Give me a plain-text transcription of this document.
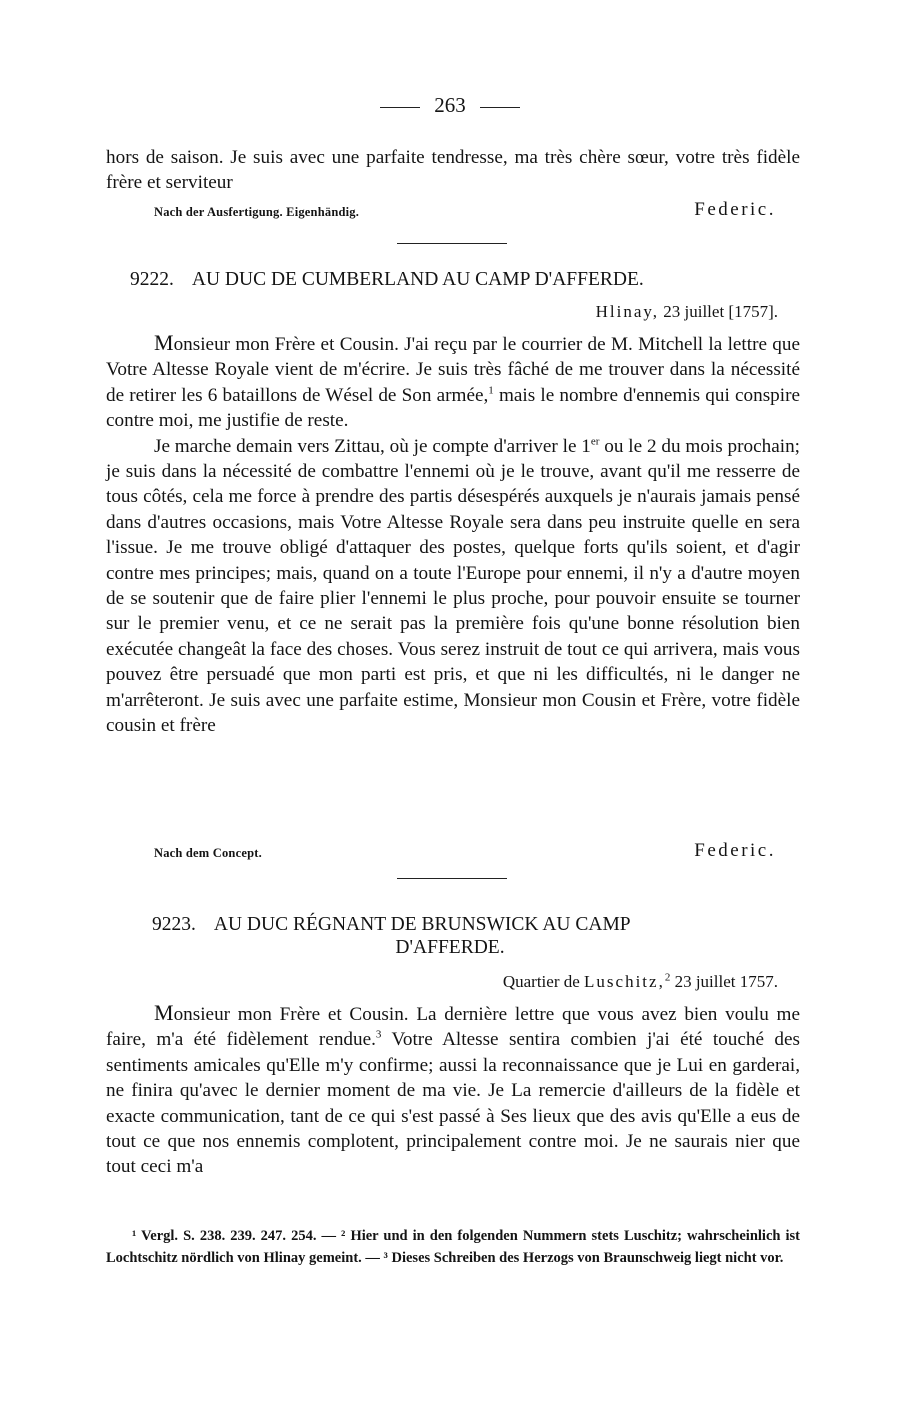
263

hors de saison. Je suis avec une parfaite tendresse, ma très chère sœur, votre très fidèle frère et serviteur

Nach der Ausfertigung. Eigenhändig.	Federic.
9222. AU DUC DE CUMBERLAND AU CAMP D'AFFERDE.
Hlinay, 23 juillet [1757].

Monsieur mon Frère et Cousin. J'ai reçu par le courrier de M. Mitchell la lettre que Votre Altesse Royale vient de m'écrire. Je suis très fâché de me trouver dans la nécessité de retirer les 6 bataillons de Wésel de Son armée,$^1$ mais le nombre d'ennemis qui conspire contre moi, me justifie de reste.

Je marche demain vers Zittau, où je compte d'arriver le 1er ou le 2 du mois prochain; je suis dans la nécessité de combattre l'ennemi où je le trouve, avant qu'il me resserre de tous côtés, cela me force à prendre des partis désespérés auxquels je n'aurais jamais pensé dans d'autres occasions, mais Votre Altesse Royale sera dans peu instruite quelle en sera l'issue. Je me trouve obligé d'attaquer des postes, quelque forts qu'ils soient, et d'agir contre mes principes; mais, quand on a toute l'Europe pour ennemi, il n'y a d'autre moyen de se soutenir que de faire plier l'ennemi le plus proche, pour pouvoir ensuite se tourner sur le premier venu, et ce ne serait pas la première fois qu'une bonne résolution bien exécutée changeât la face des choses. Vous serez instruit de tout ce qui arrivera, mais vous pouvez être persuadé que mon parti est pris, et que ni les difficultés, ni le danger ne m'arrêteront. Je suis avec une parfaite estime, Monsieur mon Cousin et Frère, votre fidèle cousin et frère

Nach dem Concept.	Federic.
9223. AU DUC RÉGNANT DE BRUNSWICK AU CAMP
D'AFFERDE.
Quartier de Luschitz,$^2$ 23 juillet 1757.

Monsieur mon Frère et Cousin. La dernière lettre que vous avez bien voulu me faire, m'a été fidèlement rendue.$^3$ Votre Altesse sentira combien j'ai été touché des sentiments amicales qu'Elle m'y confirme; aussi la reconnaissance que je Lui en garderai, ne finira qu'avec le dernier moment de ma vie. Je La remercie d'ailleurs de la fidèle et exacte communication, tant de ce qui s'est passé à Ses lieux que des avis qu'Elle a eus de tout ce que nos ennemis complotent, principalement contre moi. Je ne saurais nier que tout ceci m'a

¹ Vergl. S. 238. 239. 247. 254. — ² Hier und in den folgenden Nummern stets Luschitz; wahrscheinlich ist Lochtschitz nördlich von Hlinay gemeint. — ³ Dieses Schreiben des Herzogs von Braunschweig liegt nicht vor.
